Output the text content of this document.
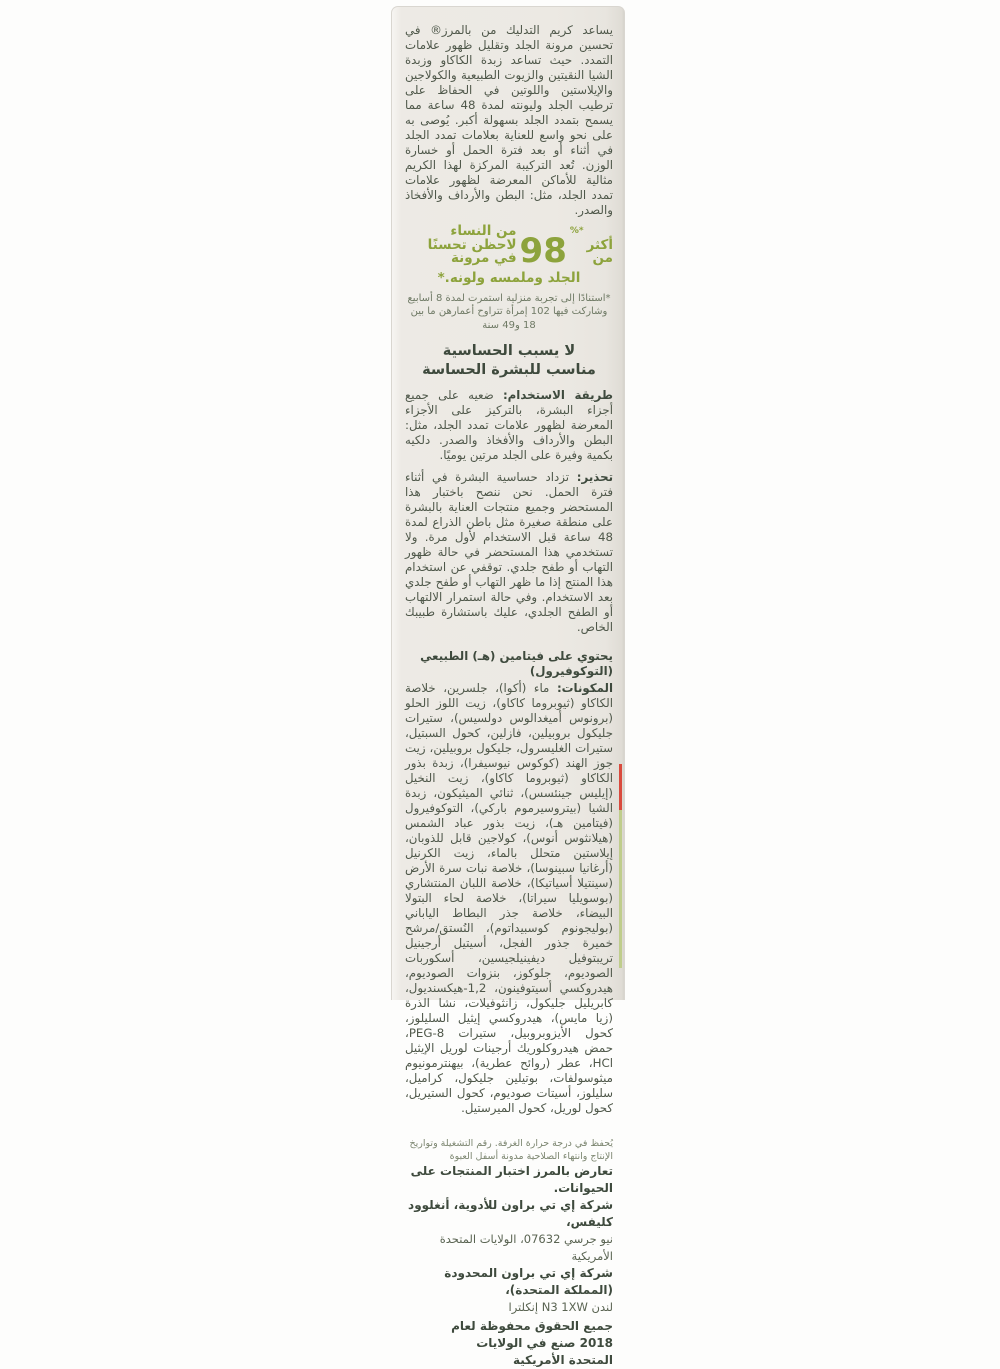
يساعد كريم التدليك من بالمرز® في تحسين مرونة الجلد وتقليل ظهور علامات التمدد. حيث تساعد زبدة الكاكاو وزبدة الشيا النقيتين والزيوت الطبيعية والكولاجين والإيلاستين واللوتين في الحفاظ على ترطيب الجلد وليونته لمدة 48 ساعة مما يسمح بتمدد الجلد بسهولة أكبر. يُوصى به على نحو واسع للعناية بعلامات تمدد الجلد في أثناء أو بعد فترة الحمل أو خسارة الوزن. تُعد التركيبة المركزة لهذا الكريم مثالية للأماكن المعرضة لظهور علامات تمدد الجلد، مثل: البطن والأرداف والأفخاذ والصدر.

أكثر من
*%
98
من النساء لاحظن تحسنًا في مرونة
الجلد وملمسه ولونه.*
*استنادًا إلى تجربة منزلية استمرت لمدة 8 أسابيع وشاركت فيها 102 إمرأة تتراوح أعمارهن ما بين 18 و49 سنة
لا يسبب الحساسية
مناسب للبشرة الحساسة

طريقة الاستخدام: ضعيه على جميع أجزاء البشرة، بالتركيز على الأجزاء المعرضة لظهور علامات تمدد الجلد، مثل: البطن والأرداف والأفخاذ والصدر. دلكيه بكمية وفيرة على الجلد مرتين يوميًا.

تحذير: تزداد حساسية البشرة في أثناء فترة الحمل. نحن ننصح باختبار هذا المستحضر وجميع منتجات العناية بالبشرة على منطقة صغيرة مثل باطن الذراع لمدة 48 ساعة قبل الاستخدام لأول مرة. ولا تستخدمي هذا المستحضر في حالة ظهور التهاب أو طفح جلدي. توقفي عن استخدام هذا المنتج إذا ما ظهر التهاب أو طفح جلدي بعد الاستخدام. وفي حالة استمرار الالتهاب أو الطفح الجلدي، عليك باستشارة طبيبك الخاص.

يحتوي على فيتامين (هـ) الطبيعي (التوكوفيرول)

المكونات: ماء (أكوا)، جلسرين، خلاصة الكاكاو (ثيوبروما كاكاو)، زيت اللوز الحلو (برونوس أميغدالوس دولسيس)، ستيرات جليكول بروبيلين، فازلين، كحول السبتيل، ستيرات الغليسرول، جليكول بروبيلين، زيت جوز الهند (كوكوس نيوسيفرا)، زبدة بذور الكاكاو (ثيوبروما كاكاو)، زيت النخيل (إيليس جينئسس)، ثنائي الميثيكون، زبدة الشيا (بيتروسيرموم باركي)، التوكوفيرول (فيتامين هـ)، زيت بذور عباد الشمس (هيلانثوس أنوس)، كولاجين قابل للذوبان، إيلاستين متحلل بالماء، زيت الكرنيل (أرغانيا سبينوسا)، خلاصة نبات سرة الأرض (سينتيلا أسياتيكا)، خلاصة اللبان المنتشاري (بوسويليا سيراتا)، خلاصة لحاء البتولا البيضاء، خلاصة جذر البطاط الياباني (بوليجونوم كوسبيداتوم)، النُستق/مرشح خميرة جذور الفجل، أسيتيل أرجينيل تريبتوفيل ديفينيلجيسين، أسكوربات الصوديوم، جلوكوز، بنزوات الصوديوم، هيدروكسي أسيتوفينون، 1,2-هيكسنديول، كابريليل جليكول، زانثوفيلات، نشا الذرة (زيا مايس)، هيدروكسي إيثيل السليلوز، كحول الأيزوبروبيل، ستيرات PEG-8، حمض هيدروكلوريك أرجينات لوريل الإيثيل HCl، عطر (روائح عطرية)، بيهنترمونيوم ميثوسولفات، بوتيلين جليكول، كراميل، سليلوز، أسيتات صوديوم، كحول الستيريل، كحول لوريل، كحول الميرستيل.

يُحفظ في درجة حرارة الغرفة. رقم التشغيلة وتواريخ الإنتاج وانتهاء الصلاحية مدونة أسفل العبوة
تعارض بالمرز اختبار المنتجات على الحيوانات.
شركة إي تي براون للأدوية، أنغلوود كليفس،
نيو جرسي 07632، الولايات المتحدة الأمريكية
شركة إي تي براون المحدودة (المملكة المتحدة)،
لندن N3 1XW إنكلترا
جميع الحقوق محفوظة لعام 2018 صنع في الولايات المتحدة الأمريكية
